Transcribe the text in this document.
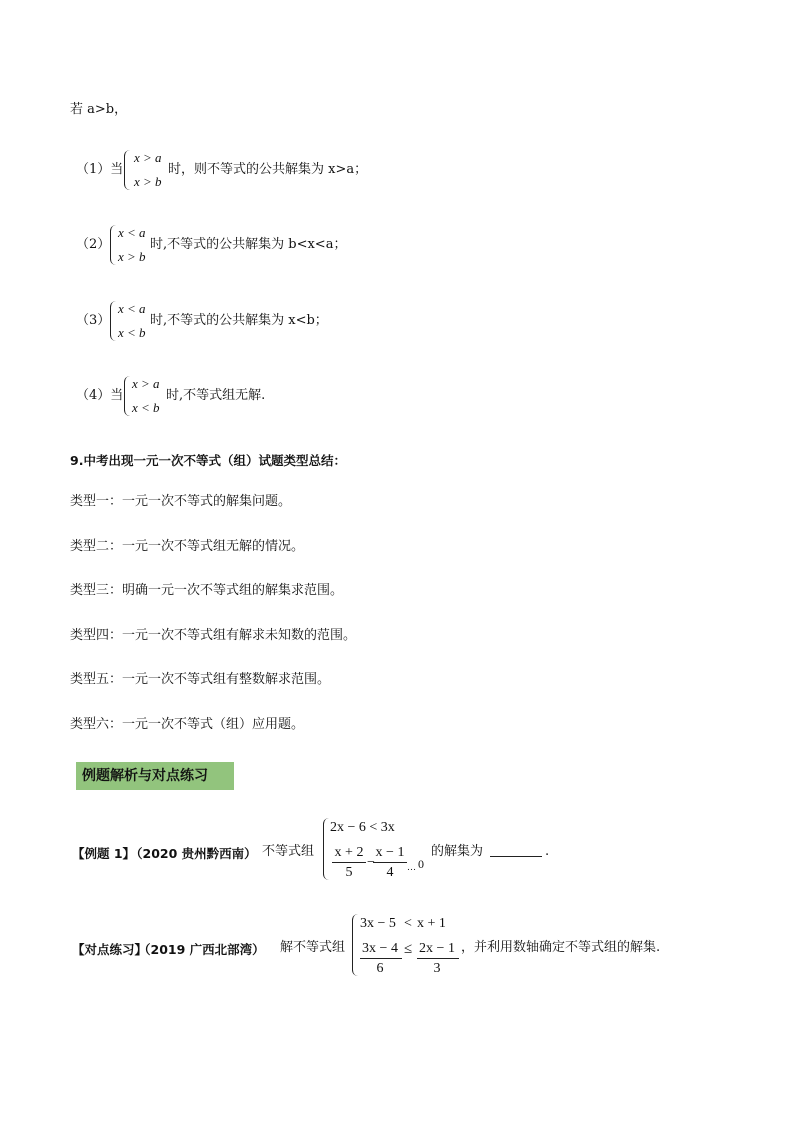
若 a>b，
（1）当
x > a
x > b
时，则不等式的公共解集为 x>a；
（2）
x < a
x > b
时,不等式的公共解集为 b<x<a；
（3）
x < a
x < b
时,不等式的公共解集为 x<b；
（4）当
x > a
x < b
时,不等式组无解.
9.中考出现一元一次不等式（组）试题类型总结：
类型一：一元一次不等式的解集问题。
类型二：一元一次不等式组无解的情况。
类型三：明确一元一次不等式组的解集求范围。
类型四：一元一次不等式组有解求未知数的范围。
类型五：一元一次不等式组有整数解求范围。
类型六：一元一次不等式（组）应用题。
例题解析与对点练习
【例题 1】
（2020 贵州黔西南） 不等式组
2x − 6 < 3x
x + 2
5
−
x − 1
4	… 0
的解集为	.
【对点练习】
（2019 广西北部湾） 解不等式组
3x − 5 < x + 1
3x − 4
6
≤ 2x − 1
3
，并利用数轴确定不等式组的解集.
